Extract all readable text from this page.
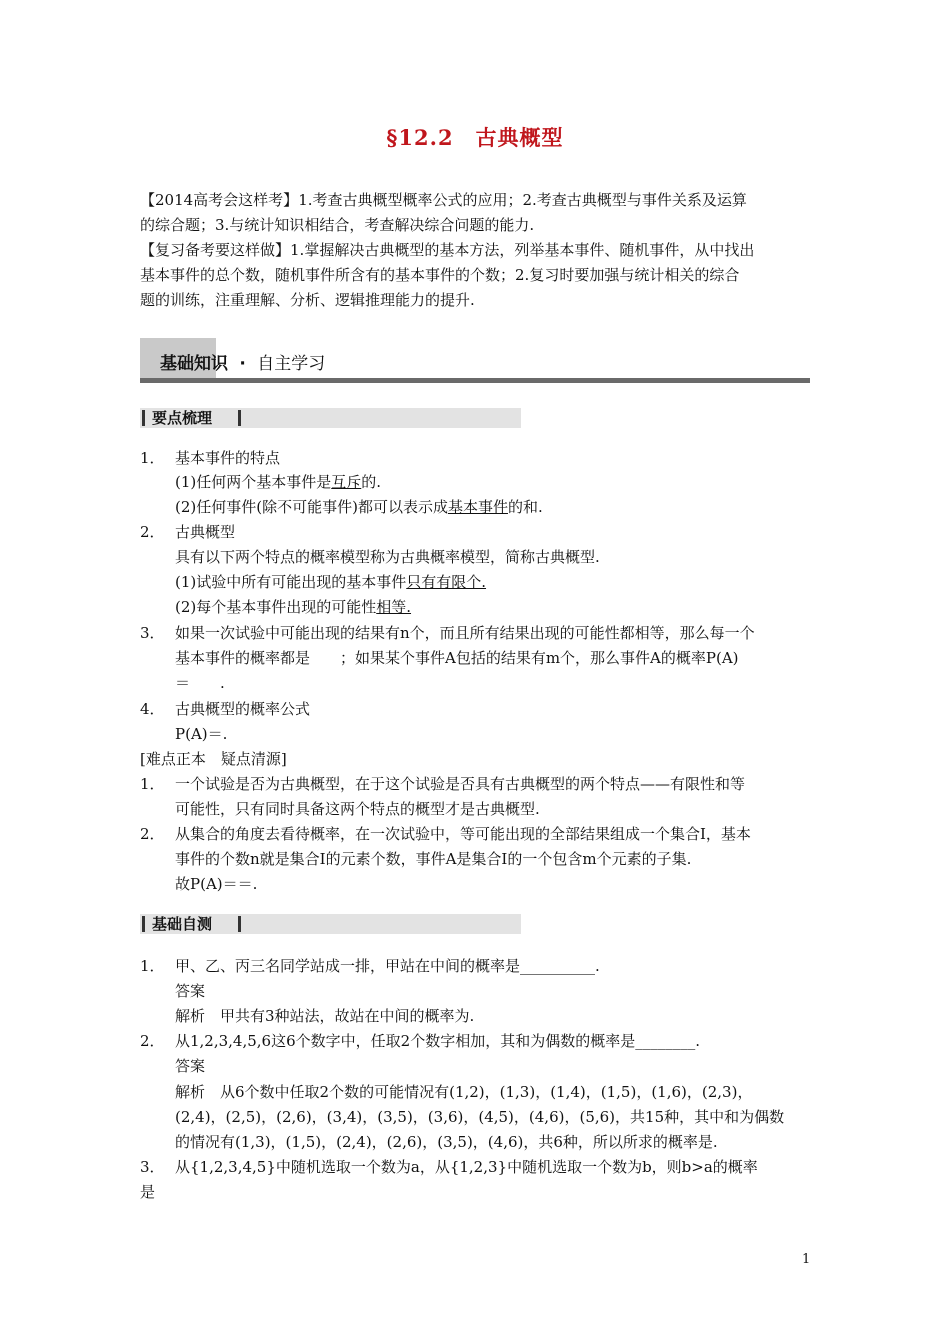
§12.2　古典概型

【2014高考会这样考】1.考查古典概型概率公式的应用；2.考查古典概型与事件关系及运算

的综合题；3.与统计知识相结合，考查解决综合问题的能力.

【复习备考要这样做】1.掌握解决古典概型的基本方法，列举基本事件、随机事件，从中找出

基本事件的总个数，随机事件所含有的基本事件的个数；2.复习时要加强与统计相关的综合

题的训练，注重理解、分析、逻辑推理能力的提升.

基础知识 · 自主学习
要点梳理
1． 基本事件的特点
(1)任何两个基本事件是互斥的.
(2)任何事件(除不可能事件)都可以表示成基本事件的和.
2． 古典概型
具有以下两个特点的概率模型称为古典概率模型，简称古典概型.
(1)试验中所有可能出现的基本事件只有有限个.
(2)每个基本事件出现的可能性相等.
3． 如果一次试验中可能出现的结果有n个，而且所有结果出现的可能性都相等，那么每一个
基本事件的概率都是　　；如果某个事件A包括的结果有m个，那么事件A的概率P(A)
＝　　.
4． 古典概型的概率公式
P(A)＝.
[难点正本　疑点清源]
1． 一个试验是否为古典概型，在于这个试验是否具有古典概型的两个特点——有限性和等
可能性，只有同时具备这两个特点的概型才是古典概型.
2． 从集合的角度去看待概率，在一次试验中，等可能出现的全部结果组成一个集合I，基本
事件的个数n就是集合I的元素个数，事件A是集合I的一个包含m个元素的子集.
故P(A)＝＝.
基础自测
1． 甲、乙、丙三名同学站成一排，甲站在中间的概率是__________.
答案
解析　甲共有3种站法，故站在中间的概率为.
2． 从1,2,3,4,5,6这6个数字中，任取2个数字相加，其和为偶数的概率是________.
答案
解析　从6个数中任取2个数的可能情况有(1,2)，(1,3)，(1,4)，(1,5)，(1,6)，(2,3)，
(2,4)，(2,5)，(2,6)，(3,4)，(3,5)，(3,6)，(4,5)，(4,6)，(5,6)，共15种，其中和为偶数
的情况有(1,3)，(1,5)，(2,4)，(2,6)，(3,5)，(4,6)，共6种，所以所求的概率是.
3． 从{1,2,3,4,5}中随机选取一个数为a，从{1,2,3}中随机选取一个数为b，则b>a的概率
是
1
